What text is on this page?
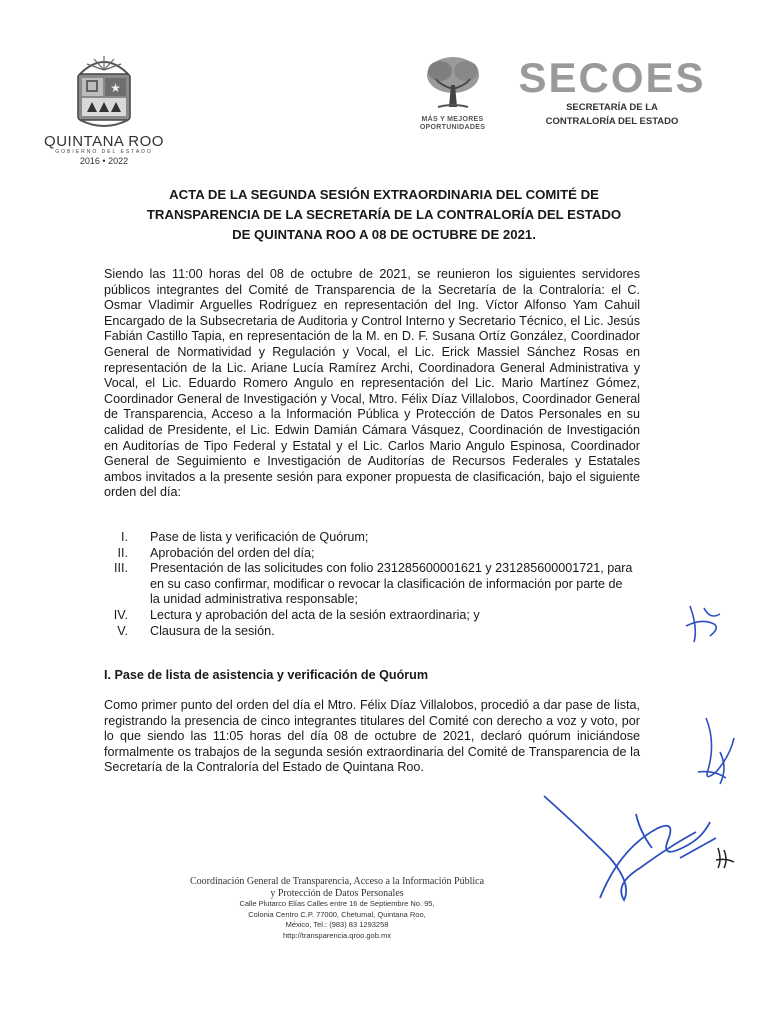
★
QUINTANA ROO
GOBIERNO DEL ESTADO
2016 • 2022
MÁS Y MEJORES
OPORTUNIDADES
SECOES
SECRETARÍA DE LA
CONTRALORÍA DEL ESTADO
ACTA DE LA SEGUNDA SESIÓN EXTRAORDINARIA DEL COMITÉ DE
TRANSPARENCIA DE LA SECRETARÍA DE LA CONTRALORÍA DEL ESTADO
DE QUINTANA ROO A 08 DE OCTUBRE DE 2021.
Siendo las 11:00 horas del 08 de octubre de 2021, se reunieron los siguientes servidores públicos integrantes del Comité de Transparencia de la Secretaría de la Contraloría: el C. Osmar Vladimir Arguelles Rodríguez en representación del Ing. Víctor Alfonso Yam Cahuil Encargado de la Subsecretaria de Auditoria y Control Interno y Secretario Técnico, el Lic. Jesús Fabián Castillo Tapia, en representación de la M. en D. F. Susana Ortíz González, Coordinador General de Normatividad y Regulación y Vocal, el Lic. Erick Massiel Sánchez Rosas en representación de la Lic. Ariane Lucía Ramírez Archi, Coordinadora General Administrativa y Vocal, el Lic. Eduardo Romero Angulo en representación del Lic. Mario Martínez Gómez, Coordinador General de Investigación y Vocal, Mtro. Félix Díaz Villalobos, Coordinador General de Transparencia, Acceso a la Información Pública y Protección de Datos Personales en su calidad de Presidente, el Lic. Edwin Damián Cámara Vásquez, Coordinación de Investigación en Auditorías de Tipo Federal y Estatal y el Lic. Carlos Mario Angulo Espinosa, Coordinador General de Seguimiento e Investigación de Auditorías de Recursos Federales y Estatales ambos invitados a la presente sesión para exponer propuesta de clasificación, bajo el siguiente orden del día:
I.	Pase de lista y verificación de Quórum;
II.	Aprobación del orden del día;
III.	Presentación de las solicitudes con folio 231285600001621 y 231285600001721, para en su caso confirmar, modificar o revocar la clasificación de información por parte de la unidad administrativa responsable;
IV.	Lectura y aprobación del acta de la sesión extraordinaria; y
V.	Clausura de la sesión.
I. Pase de lista de asistencia y verificación de Quórum
Como primer punto del orden del día el Mtro. Félix Díaz Villalobos, procedió a dar pase de lista, registrando la presencia de cinco integrantes titulares del Comité con derecho a voz y voto, por lo que siendo las 11:05 horas del día 08 de octubre de 2021, declaró quórum iniciándose formalmente os trabajos de la segunda sesión extraordinaria del Comité de Transparencia de la Secretaría de la Contraloría del Estado de Quintana Roo.
Coordinación General de Transparencia, Acceso a la Información Pública
y Protección de Datos Personales
Calle Plutarco Elías Calles entre 16 de Septiembre No. 95,
Colonia Centro C.P. 77000, Chetumal, Quintana Roo,
México, Tel.: (983) 83 1293258
http://transparencia.qroo.gob.mx
